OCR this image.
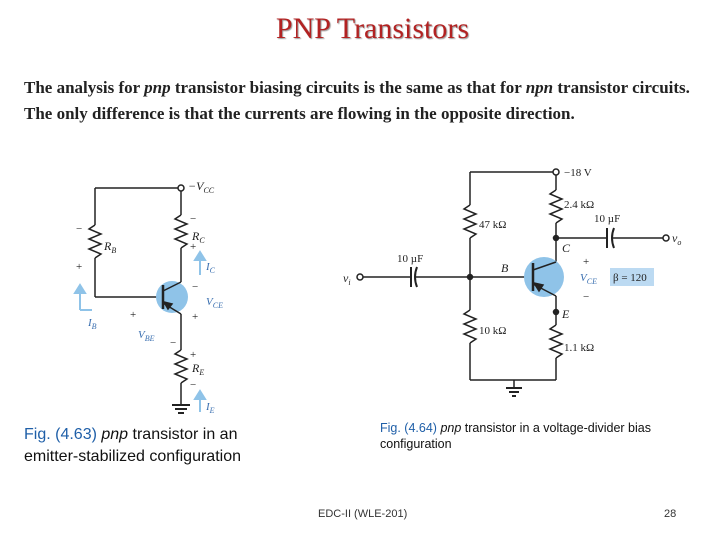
PNP Transistors
The analysis for pnp transistor biasing circuits is the same as that for npn transistor circuits. The only difference is that the currents are flowing in the opposite direction.
$-V_{CC}$
$R_B$
$R_C$
$R_E$
$I_C$
$I_B$
$I_E$
$V_{CE}$
$V_{BE}$
−
+
−
+
−
+
+
−
+
−
−18 V
47 kΩ
10 kΩ
2.4 kΩ
1.1 kΩ
10 µF
10 µF
$v_i$
$v_o$
B
C
E
$V_{CE}$
+
−
β = 120
Fig. (4.63) pnp transistor in an emitter-stabilized configuration
Fig. (4.64) pnp transistor in a voltage-divider bias configuration
EDC-II (WLE-201)	28
